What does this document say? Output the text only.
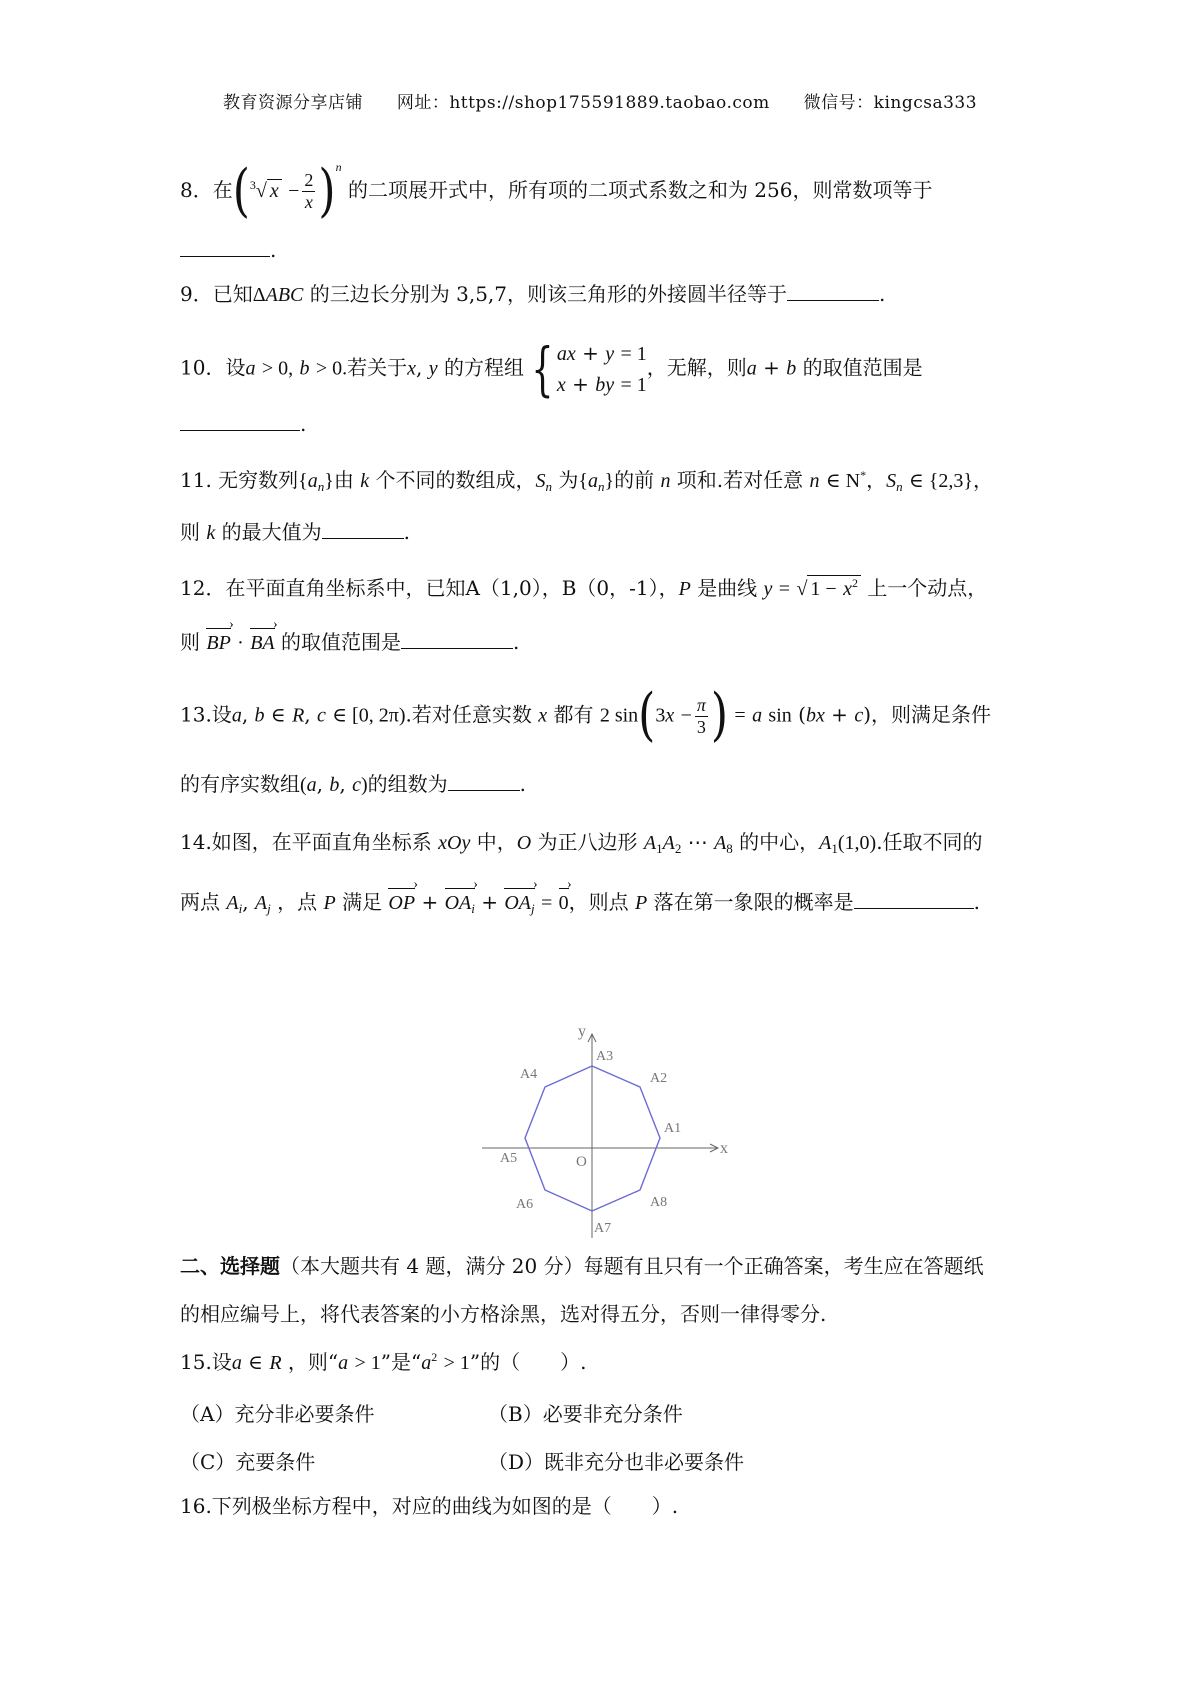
教育资源分享店铺 网址：https://shop175591889.taobao.com 微信号：kingcsa333
8．在($^3$√ $x - \frac{2}{x} )^n$ 的二项展开式中，所有项的二项式系数之和为 256，则常数项等于
.
9．已知ΔABC 的三边长分别为 3,5,7，则该三角形的外接圆半径等于	.
10．设a > 0, b > 0.若关于x, y 的方程组 { ax + y = 1
x + by = 1
，无解，则a + b 的取值范围是
.
11. 无穷数列$\{a_n\}$由 k 个不同的数组成，$S_n$ 为$\{a_n\}$的前 n 项和.若对任意 n ∈ N*，$S_n$ ∈ {2,3}，
则 k 的最大值为	.
12．在平面直角坐标系中，已知A（1,0），B（0，-1），P 是曲线 y = √ $1 - x^2$ 上一个动点，
则 BP › · BA › 的取值范围是	.
13.设a, b ∈ R, c ∈ [0, 2π).若对任意实数 x 都有 2 $\sin(3x - \frac{\pi}{3}$ ) = a sin (bx + c)，则满足条件
的有序实数组(a, b, c)的组数为	.
14.如图，在平面直角坐标系 xOy 中，O 为正八边形 $A_1A_2$ ⋯ $A_8$ 的中心，$A_1(1,0)$.任取不同的
两点 $A_i$, $A_j$ ，点 P 满足 OP › + $OA_i$ › + $OA_j$ › = 0 ›，则点 P 落在第一象限的概率是	.
x
y
O
A1
A2
A3
A4
A5
A6
A7
A8
二、选择题（本大题共有 4 题，满分 20 分）每题有且只有一个正确答案，考生应在答题纸
的相应编号上，将代表答案的小方格涂黑，选对得五分，否则一律得零分.
15.设a ∈ R ，则“a > 1”是“$a^2 > 1$”的（　　）.
（A）充分非必要条件	（B）必要非充分条件
（C）充要条件	（D）既非充分也非必要条件
16.下列极坐标方程中，对应的曲线为如图的是（　　）.
